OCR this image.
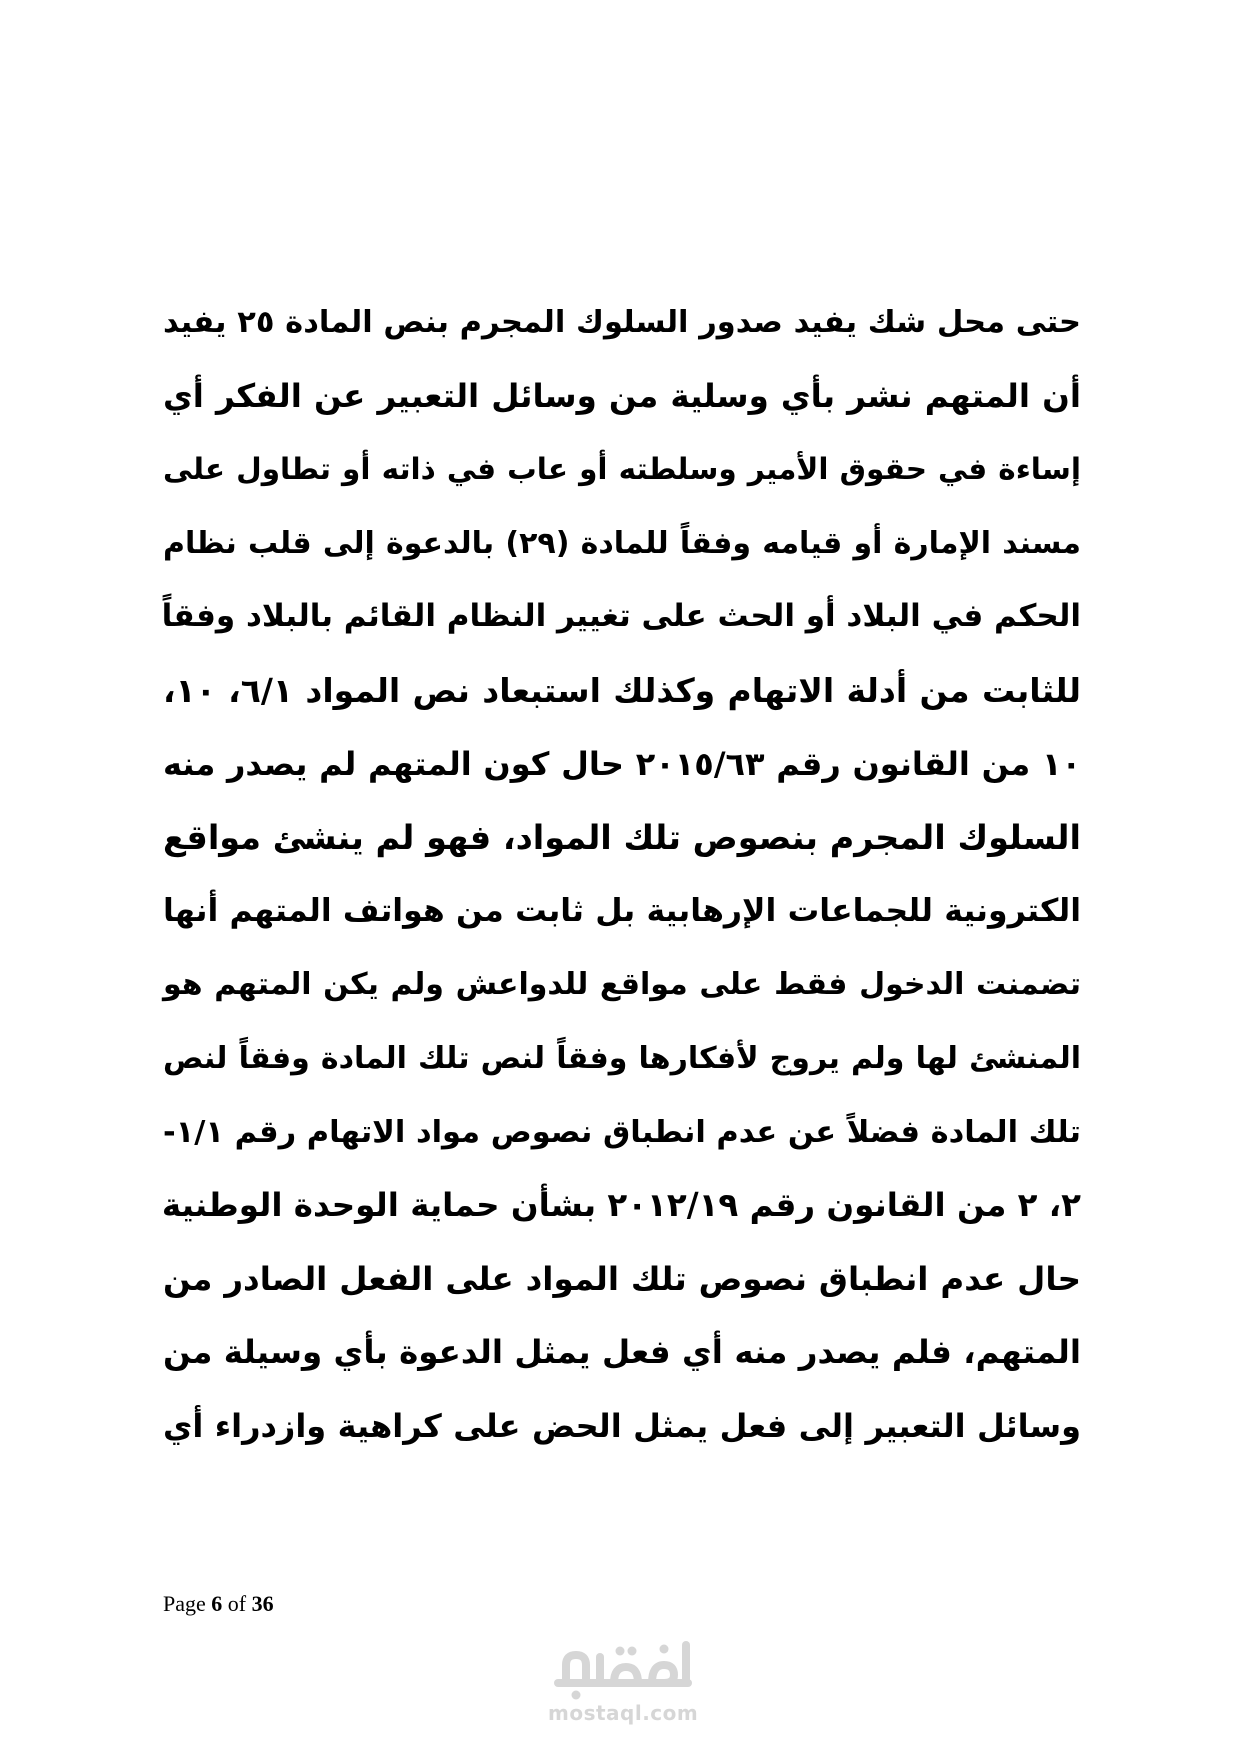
حتى محل شك يفيد صدور السلوك المجرم بنص المادة ٢٥ يفيد
أن المتهم نشر بأي وسلية من وسائل التعبير عن الفكر أي
إساءة في حقوق الأمير وسلطته أو عاب في ذاته أو تطاول على
مسند الإمارة أو قيامه وفقاً للمادة (٢٩) بالدعوة إلى قلب نظام
الحكم في البلاد أو الحث على تغيير النظام القائم بالبلاد وفقاً
للثابت من أدلة الاتهام وكذلك استبعاد نص المواد ٦/١، ١٠،
١٠ من القانون رقم ٢٠١٥/٦٣ حال كون المتهم لم يصدر منه
السلوك المجرم بنصوص تلك المواد، فهو لم ينشئ مواقع
الكترونية للجماعات الإرهابية بل ثابت من هواتف المتهم أنها
تضمنت الدخول فقط على مواقع للدواعش ولم يكن المتهم هو
المنشئ لها ولم يروج لأفكارها وفقاً لنص تلك المادة وفقاً لنص
تلك المادة فضلاً عن عدم انطباق نصوص مواد الاتهام رقم ١/١-
٢، ٢ من القانون رقم ٢٠١٢/١٩ بشأن حماية الوحدة الوطنية
حال عدم انطباق نصوص تلك المواد على الفعل الصادر من
المتهم، فلم يصدر منه أي فعل يمثل الدعوة بأي وسيلة من
وسائل التعبير إلى فعل يمثل الحض على كراهية وازدراء أي
Page 6 of 36
mostaql.com
